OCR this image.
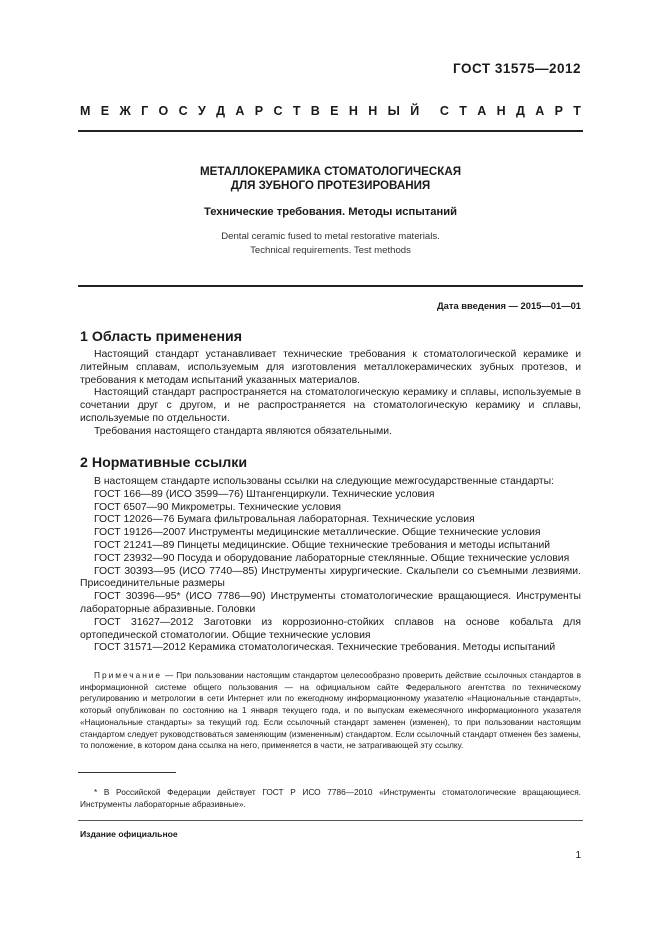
ГОСТ 31575—2012
М Е Ж Г О С У Д А Р С Т В Е Н Н Ы Й С Т А Н Д А Р Т
МЕТАЛЛОКЕРАМИКА СТОМАТОЛОГИЧЕСКАЯ
ДЛЯ ЗУБНОГО ПРОТЕЗИРОВАНИЯ
Технические требования. Методы испытаний
Dental ceramic fused to metal restorative materials.
Technical requirements. Test methods
Дата введения — 2015—01—01
1 Область применения

Настоящий стандарт устанавливает технические требования к стоматологической керамике и литейным сплавам, используемым для изготовления металлокерамических зубных протезов, и требования к методам испытаний указанных материалов.

Настоящий стандарт распространяется на стоматологическую керамику и сплавы, используемые в сочетании друг с другом, и не распространяется на стоматологическую керамику и сплавы, используемые по отдельности.

Требования настоящего стандарта являются обязательными.

2 Нормативные ссылки

В настоящем стандарте использованы ссылки на следующие межгосударственные стандарты:

ГОСТ 166—89 (ИСО 3599—76) Штангенциркули. Технические условия

ГОСТ 6507—90 Микрометры. Технические условия

ГОСТ 12026—76 Бумага фильтровальная лабораторная. Технические условия

ГОСТ 19126—2007 Инструменты медицинские металлические. Общие технические условия

ГОСТ 21241—89 Пинцеты медицинские. Общие технические требования и методы испытаний

ГОСТ 23932—90 Посуда и оборудование лабораторные стеклянные. Общие технические условия

ГОСТ 30393—95 (ИСО 7740—85) Инструменты хирургические. Скальпели со съемными лезвиями. Присоединительные размеры

ГОСТ 30396—95* (ИСО 7786—90) Инструменты стоматологические вращающиеся. Инструменты лабораторные абразивные. Головки

ГОСТ 31627—2012 Заготовки из коррозионно-стойких сплавов на основе кобальта для ортопедической стоматологии. Общие технические условия

ГОСТ 31571—2012 Керамика стоматологическая. Технические требования. Методы испытаний

Примечание — При пользовании настоящим стандартом целесообразно проверить действие ссылочных стандартов в информационной системе общего пользования — на официальном сайте Федерального агентства по техническому регулированию и метрологии в сети Интернет или по ежегодному информационному указателю «Национальные стандарты», который опубликован по состоянию на 1 января текущего года, и по выпускам ежемесячного информационного указателя «Национальные стандарты» за текущий год. Если ссылочный стандарт заменен (изменен), то при пользовании настоящим стандартом следует руководствоваться заменяющим (измененным) стандартом. Если ссылочный стандарт отменен без замены, то положение, в котором дана ссылка на него, применяется в части, не затрагивающей эту ссылку.

* В Российской Федерации действует ГОСТ Р ИСО 7786—2010 «Инструменты стоматологические вращающиеся. Инструменты лабораторные абразивные».

Издание официальное
1
